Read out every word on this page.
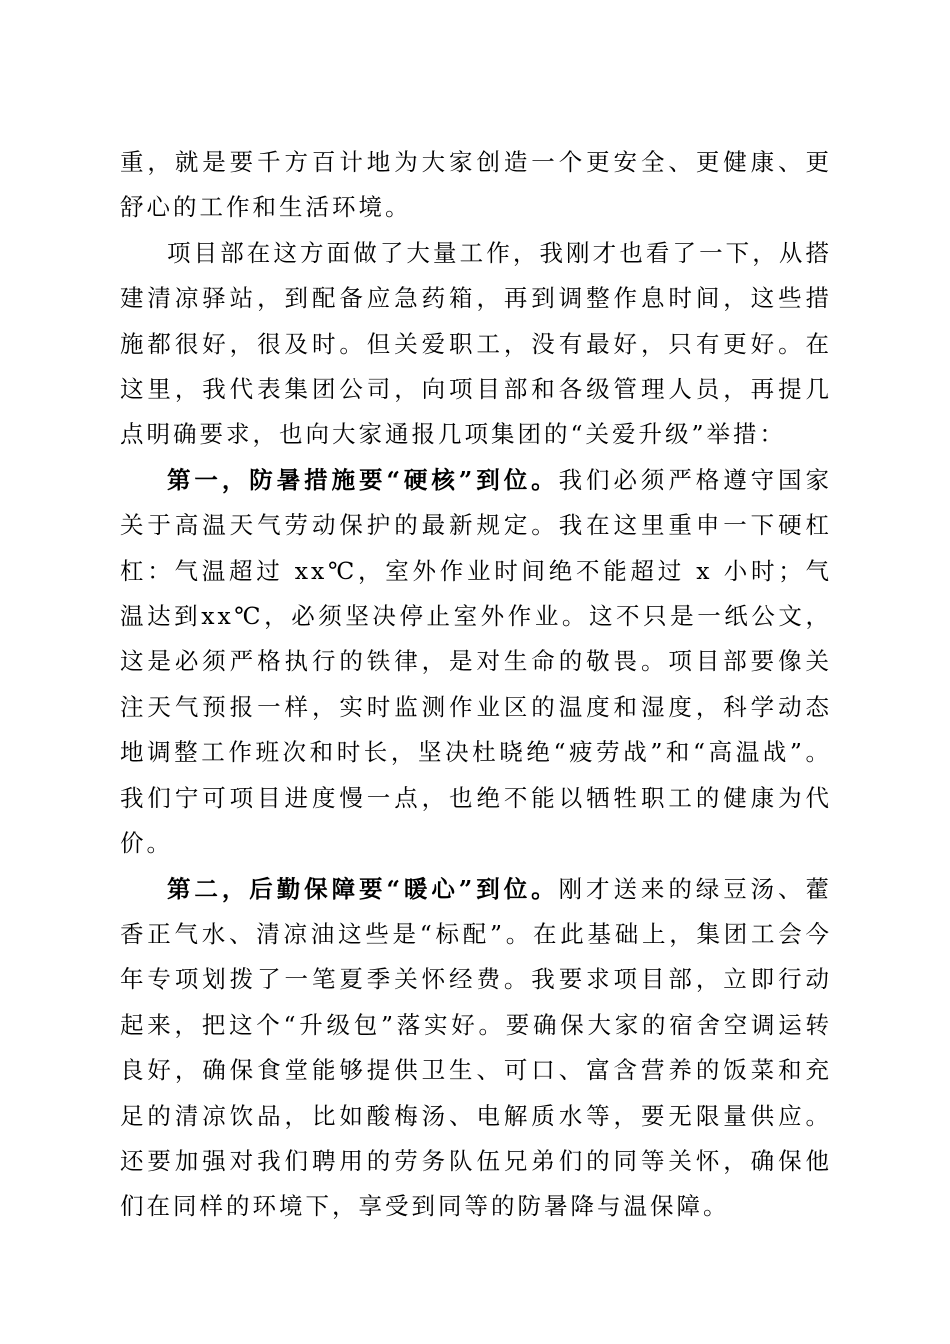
重，就是要千方百计地为大家创造一个更安全、更健康、更舒心的工作和生活环境。

项目部在这方面做了大量工作，我刚才也看了一下，从搭建清凉驿站，到配备应急药箱，再到调整作息时间，这些措施都很好，很及时。但关爱职工，没有最好，只有更好。在这里，我代表集团公司，向项目部和各级管理人员，再提几点明确要求，也向大家通报几项集团的“关爱升级”举措：

第一，防暑措施要“硬核”到位。我们必须严格遵守国家关于高温天气劳动保护的最新规定。我在这里重申一下硬杠杠：气温超过 xx℃，室外作业时间绝不能超过 x 小时；气温达到xx℃，必须坚决停止室外作业。这不只是一纸公文，这是必须严格执行的铁律，是对生命的敬畏。项目部要像关注天气预报一样，实时监测作业区的温度和湿度，科学动态地调整工作班次和时长，坚决杜晓绝“疲劳战”和“高温战”。我们宁可项目进度慢一点，也绝不能以牺牲职工的健康为代价。

第二，后勤保障要“暖心”到位。刚才送来的绿豆汤、藿香正气水、清凉油这些是“标配”。在此基础上，集团工会今年专项划拨了一笔夏季关怀经费。我要求项目部，立即行动起来，把这个“升级包”落实好。要确保大家的宿舍空调运转良好，确保食堂能够提供卫生、可口、富含营养的饭菜和充足的清凉饮品，比如酸梅汤、电解质水等，要无限量供应。还要加强对我们聘用的劳务队伍兄弟们的同等关怀，确保他们在同样的环境下，享受到同等的防暑降与温保障。
